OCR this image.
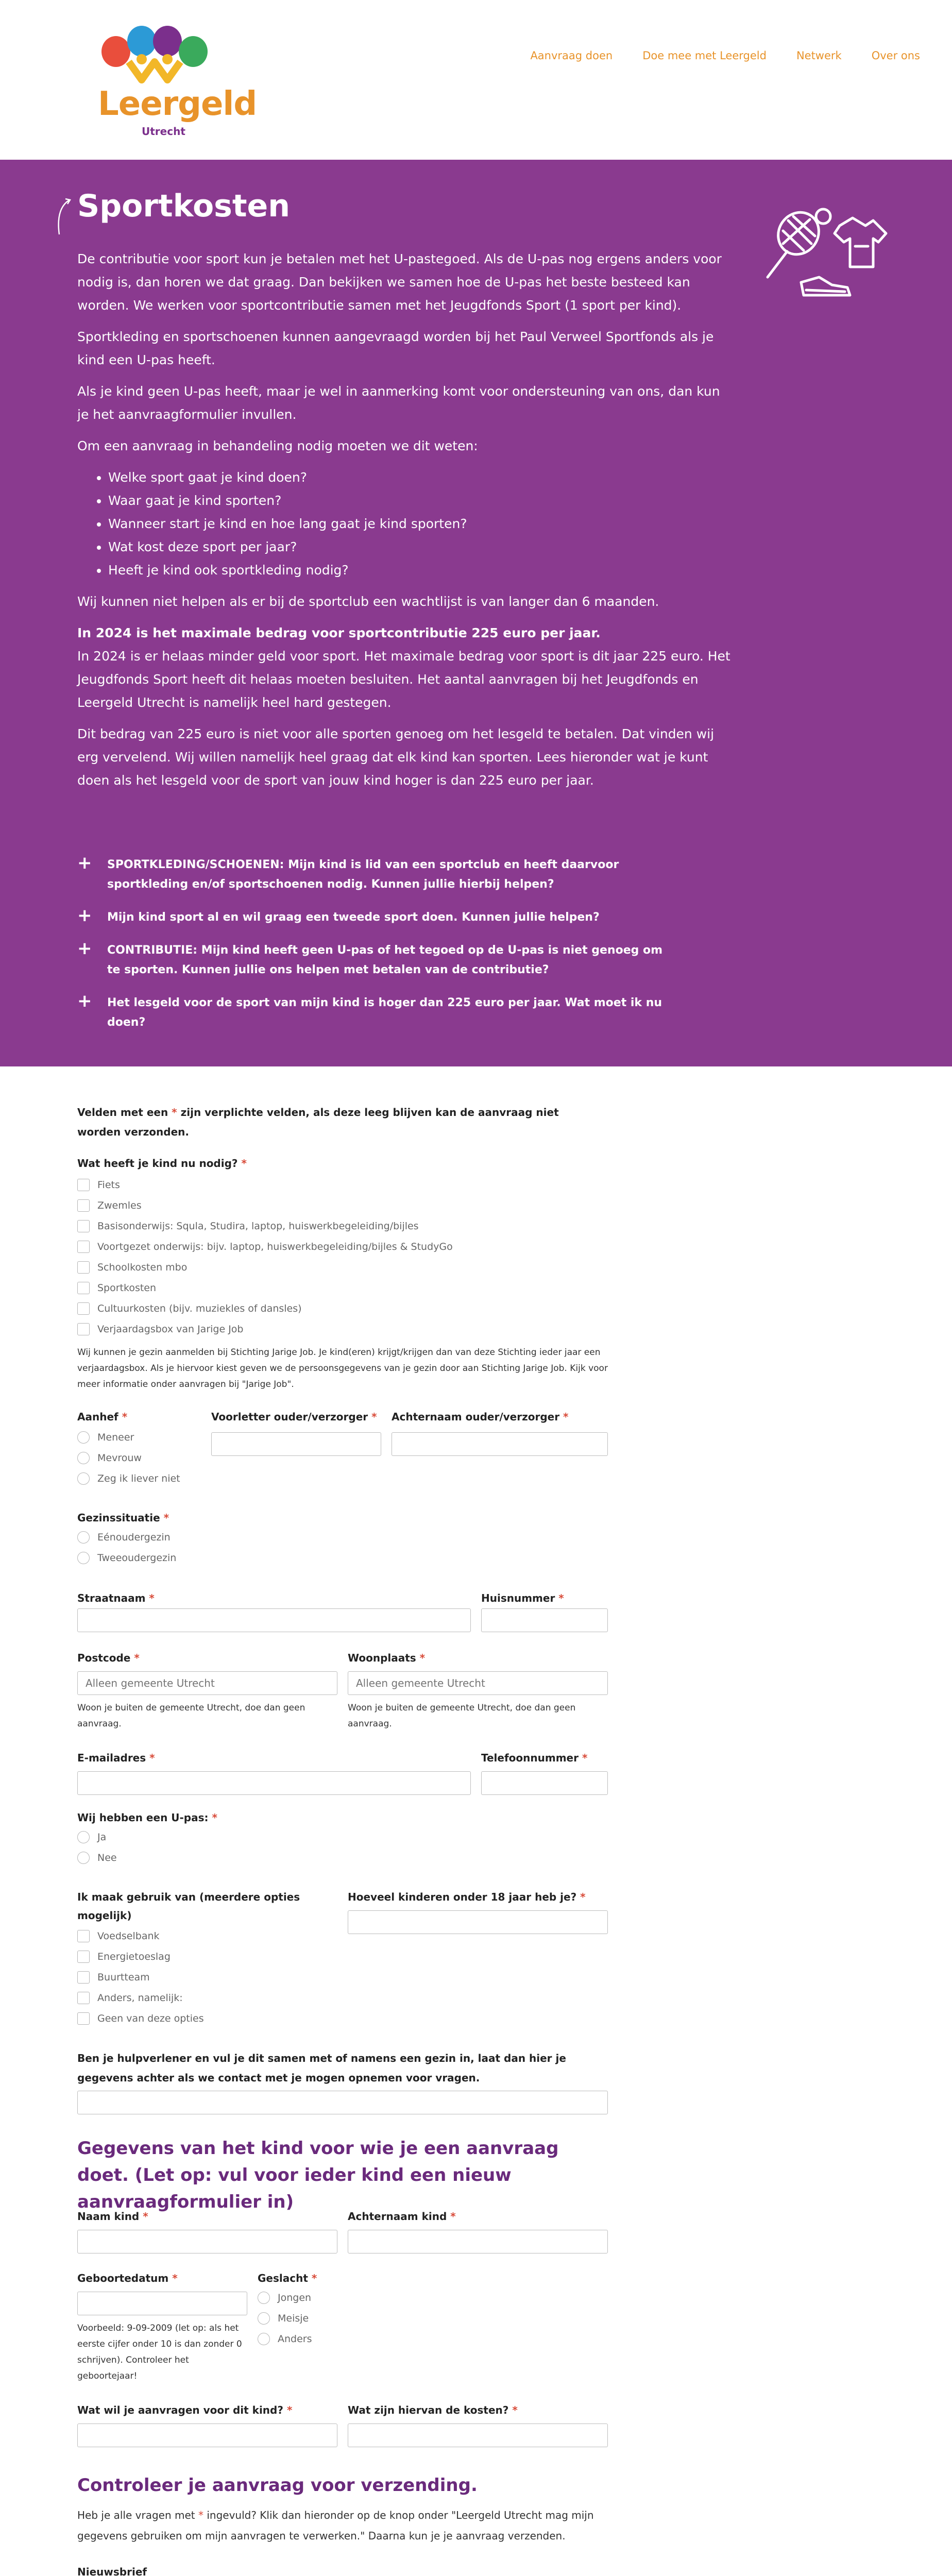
Leergeld
Utrecht
Aanvraag doen	Doe mee met Leergeld	Netwerk	Over ons
Sportkosten

De contributie voor sport kun je betalen met het U-pastegoed. Als de U-pas nog ergens anders voor nodig is, dan horen we dat graag. Dan bekijken we samen hoe de U-pas het beste besteed kan worden. We werken voor sportcontributie samen met het Jeugdfonds Sport (1 sport per kind).

Sportkleding en sportschoenen kunnen aangevraagd worden bij het Paul Verweel Sportfonds als je kind een U-pas heeft.

Als je kind geen U-pas heeft, maar je wel in aanmerking komt voor ondersteuning van ons, dan kun je het aanvraagformulier invullen.

Om een aanvraag in behandeling nodig moeten we dit weten:

• Welke sport gaat je kind doen?
• Waar gaat je kind sporten?
• Wanneer start je kind en hoe lang gaat je kind sporten?
• Wat kost deze sport per jaar?
• Heeft je kind ook sportkleding nodig?

Wij kunnen niet helpen als er bij de sportclub een wachtlijst is van langer dan 6 maanden.

In 2024 is het maximale bedrag voor sportcontributie 225 euro per jaar.

In 2024 is er helaas minder geld voor sport. Het maximale bedrag voor sport is dit jaar 225 euro. Het Jeugdfonds Sport heeft dit helaas moeten besluiten. Het aantal aanvragen bij het Jeugdfonds en Leergeld Utrecht is namelijk heel hard gestegen.

Dit bedrag van 225 euro is niet voor alle sporten genoeg om het lesgeld te betalen. Dat vinden wij erg vervelend. Wij willen namelijk heel graag dat elk kind kan sporten. Lees hieronder wat je kunt doen als het lesgeld voor de sport van jouw kind hoger is dan 225 euro per jaar.

+	SPORTKLEDING/SCHOENEN: Mijn kind is lid van een sportclub en heeft daarvoor sportkleding en/of sportschoenen nodig. Kunnen jullie hierbij helpen?
+	Mijn kind sport al en wil graag een tweede sport doen. Kunnen jullie helpen?
+	CONTRIBUTIE: Mijn kind heeft geen U-pas of het tegoed op de U-pas is niet genoeg om te sporten. Kunnen jullie ons helpen met betalen van de contributie?
+	Het lesgeld voor de sport van mijn kind is hoger dan 225 euro per jaar. Wat moet ik nu doen?
Velden met een * zijn verplichte velden, als deze leeg blijven kan de aanvraag niet worden verzonden.
Wat heeft je kind nu nodig? *
Fiets
Zwemles
Basisonderwijs: Squla, Studira, laptop, huiswerkbegeleiding/bijles
Voortgezet onderwijs: bijv. laptop, huiswerkbegeleiding/bijles & StudyGo
Schoolkosten mbo
Sportkosten
Cultuurkosten (bijv. muziekles of dansles)
Verjaardagsbox van Jarige Job
Wij kunnen je gezin aanmelden bij Stichting Jarige Job. Je kind(eren) krijgt/krijgen dan van deze Stichting ieder jaar een verjaardagsbox. Als je hiervoor kiest geven we de persoonsgegevens van je gezin door aan Stichting Jarige Job. Kijk voor meer informatie onder aanvragen bij "Jarige Job".
Aanhef *
Meneer
Mevrouw
Zeg ik liever niet
Voorletter ouder/verzorger * Achternaam ouder/verzorger *
Gezinssituatie *
Eénoudergezin
Tweeoudergezin
Straatnaam *	Huisnummer *
Postcode *
Alleen gemeente Utrecht
Woon je buiten de gemeente Utrecht, doe dan geen aanvraag.
Woonplaats *
Alleen gemeente Utrecht
Woon je buiten de gemeente Utrecht, doe dan geen aanvraag.
E-mailadres *	Telefoonnummer *
Wij hebben een U-pas: *
Ja
Nee
Ik maak gebruik van (meerdere opties mogelijk)

Voedselbank
Energietoeslag
Buurtteam
Anders, namelijk:
Geen van deze opties
Hoeveel kinderen onder 18 jaar heb je? *
Ben je hulpverlener en vul je dit samen met of namens een gezin in, laat dan hier je gegevens achter als we contact met je mogen opnemen voor vragen.
Gegevens van het kind voor wie je een aanvraag doet. (Let op: vul voor ieder kind een nieuw aanvraagformulier in)
Naam kind *	Achternaam kind *
Geboortedatum *
Voorbeeld: 9-09-2009 (let op: als het eerste cijfer onder 10 is dan zonder 0 schrijven). Controleer het geboortejaar!
Geslacht *
Jongen
Meisje
Anders
Wat wil je aanvragen voor dit kind? *	Wat zijn hiervan de kosten? *
Controleer je aanvraag voor verzending.
Heb je alle vragen met * ingevuld? Klik dan hieronder op de knop onder "Leergeld Utrecht mag mijn gegevens gebruiken om mijn aanvragen te verwerken." Daarna kun je je aanvraag verzenden.
Nieuwsbrief
